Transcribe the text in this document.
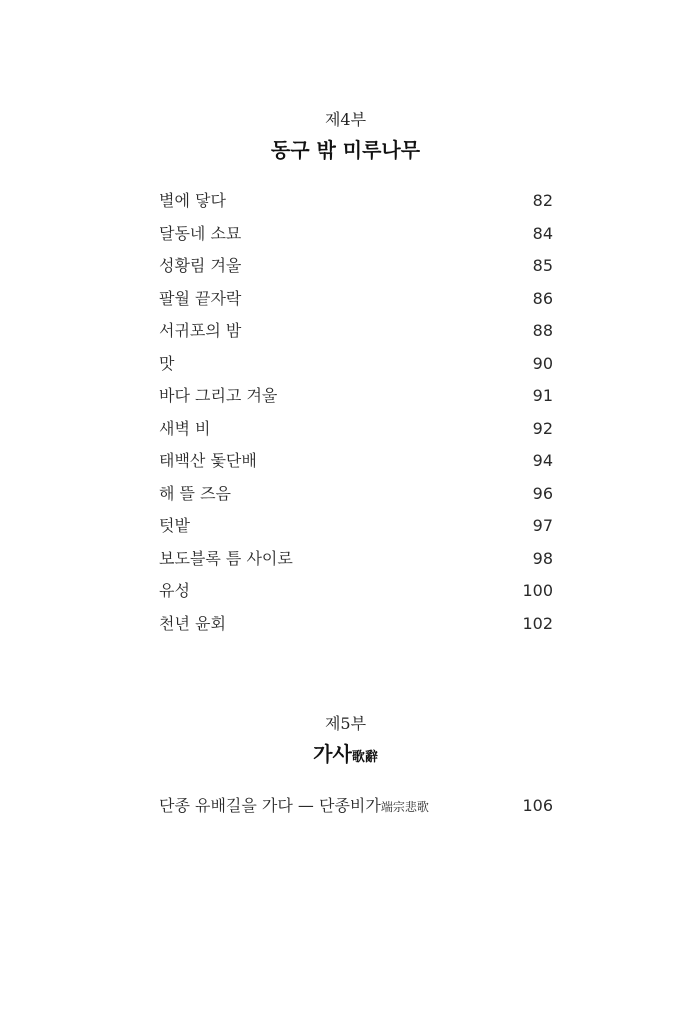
제4부
동구 밖 미루나무
별에 닿다	82
달동네 소묘	84
성황림 겨울	85
팔월 끝자락	86
서귀포의 밤	88
맛	90
바다 그리고 겨울	91
새벽 비	92
태백산 돛단배	94
해 뜰 즈음	96
텃밭	97
보도블록 틈 사이로	98
유성	100
천년 윤회	102
제5부
가사歌辭
단종 유배길을 가다 — 단종비가端宗悲歌	106
